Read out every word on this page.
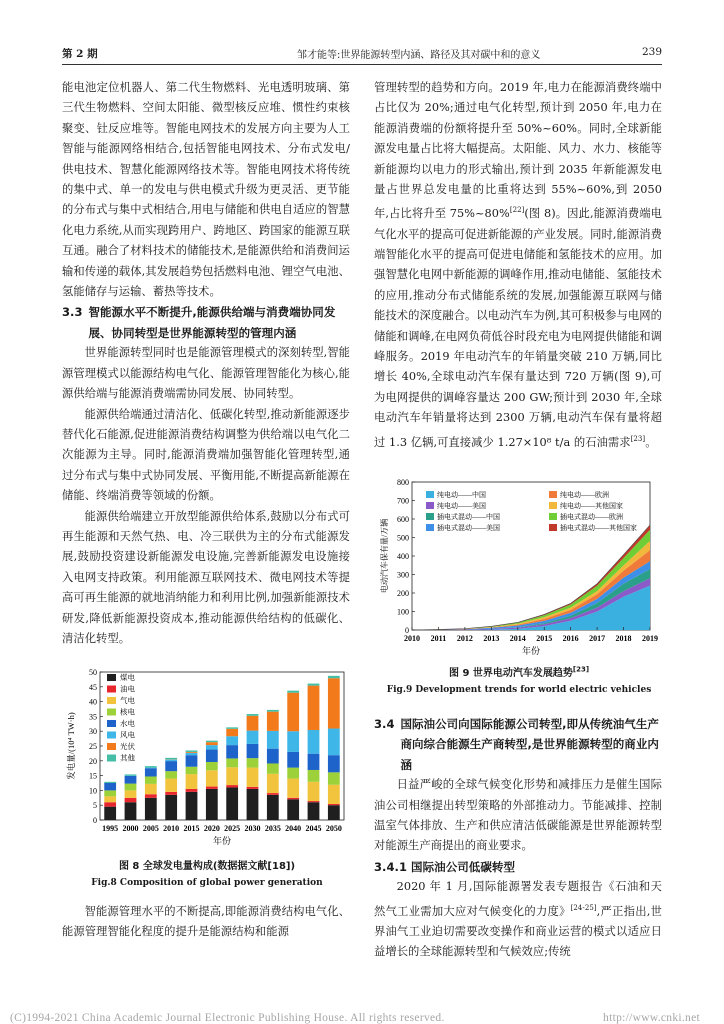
第 2 期	邹才能等:世界能源转型内涵、路径及其对碳中和的意义	239

能电池定位机器人、第二代生物燃料、光电透明玻璃、第三代生物燃料、空间太阳能、微型核反应堆、惯性约束核聚变、钍反应堆等。智能电网技术的发展方向主要为人工智能与能源网络相结合,包括智能电网技术、分布式发电/供电技术、智慧化能源网络技术等。智能电网技术将传统的集中式、单一的发电与供电模式升级为更灵活、更节能的分布式与集中式相结合,用电与储能和供电自适应的智慧化电力系统,从而实现跨用户、跨地区、跨国家的能源互联互通。融合了材料技术的储能技术,是能源供给和消费间运输和传递的载体,其发展趋势包括燃料电池、锂空气电池、氢能储存与运输、蓄热等技术。

3.3 智能源水平不断提升,能源供给端与消费端协同发展、协同转型是世界能源转型的管理内涵

世界能源转型同时也是能源管理模式的深刻转型,智能源管理模式以能源结构电气化、能源管理智能化为核心,能源供给端与能源消费端需协同发展、协同转型。

能源供给端通过清洁化、低碳化转型,推动新能源逐步替代化石能源,促进能源消费结构调整为供给端以电气化二次能源为主导。同时,能源消费端加强智能化管理转型,通过分布式与集中式协同发展、平衡用能,不断提高新能源在储能、终端消费等领域的份额。

能源供给端建立开放型能源供给体系,鼓励以分布式可再生能源和天然气热、电、冷三联供为主的分布式能源发展,鼓励投资建设新能源发电设施,完善新能源发电设施接入电网支持政策。利用能源互联网技术、微电网技术等提高可再生能源的就地消纳能力和利用比例,加强新能源技术研发,降低新能源投资成本,推动能源供给结构的低碳化、清洁化转型。

0
5
10
15
20
25
30
35
40
45
50
1995 2000 2005 2010 2015 2020 2025 2030 2035 2040 2045 2050
年份
发电量/(10⁴ TW·h)
煤电
油电
气电
核电
水电
风电
光伏
其他
图 8 全球发电量构成(数据据文献[18])
Fig.8 Composition of global power generation

智能源管理水平的不断提高,即能源消费结构电气化、能源管理智能化程度的提升是能源结构和能源

管理转型的趋势和方向。2019 年,电力在能源消费终端中占比仅为 20%;通过电气化转型,预计到 2050 年,电力在能源消费端的份额将提升至 50%~60%。同时,全球新能源发电量占比将大幅提高。太阳能、风力、水力、核能等新能源均以电力的形式输出,预计到 2035 年新能源发电量占世界总发电量的比重将达到 55%~60%,到 2050 年,占比将升至 75%~80%[22](图 8)。因此,能源消费端电气化水平的提高可促进新能源的产业发展。同时,能源消费端智能化水平的提高可促进电储能和氢能技术的应用。加强智慧化电网中新能源的调峰作用,推动电储能、氢能技术的应用,推动分布式储能系统的发展,加强能源互联网与储能技术的深度融合。以电动汽车为例,其可积极参与电网的储能和调峰,在电网负荷低谷时段充电为电网提供储能和调峰服务。2019 年电动汽车的年销量突破 210 万辆,同比增长 40%,全球电动汽车保有量达到 720 万辆(图 9),可为电网提供的调峰容量达 200 GW;预计到 2030 年,全球电动汽车年销量将达到 2300 万辆,电动汽车保有量将超过 1.3 亿辆,可直接减少 1.27×10⁸ t/a 的石油需求[23]。

0
100
200
300
400
500
600
700
800
2010 2011 2012 2013 2014 2015 2016 2017 2018 2019
年份
电动汽车保有量/万辆
纯电动——中国	纯电动——欧洲
纯电动——美国	纯电动——其他国家
插电式混动——中国	插电式混动——欧洲
插电式混动——美国	插电式混动——其他国家
图 9 世界电动汽车发展趋势[23]
Fig.9 Development trends for world electric vehicles
3.4 国际油公司向国际能源公司转型,即从传统油气生产商向综合能源生产商转型,是世界能源转型的商业内涵

日益严峻的全球气候变化形势和减排压力是催生国际油公司相继提出转型策略的外部推动力。节能减排、控制温室气体排放、生产和供应清洁低碳能源是世界能源转型对能源生产商提出的商业要求。

3.4.1 国际油公司低碳转型

2020 年 1 月,国际能源署发表专题报告《石油和天然气工业需加大应对气候变化的力度》[24-25],严正指出,世界油气工业迫切需要改变操作和商业运营的模式以适应日益增长的全球能源转型和气候效应;传统

(C)1994-2021 China Academic Journal Electronic Publishing House. All rights reserved.	http://www.cnki.net
